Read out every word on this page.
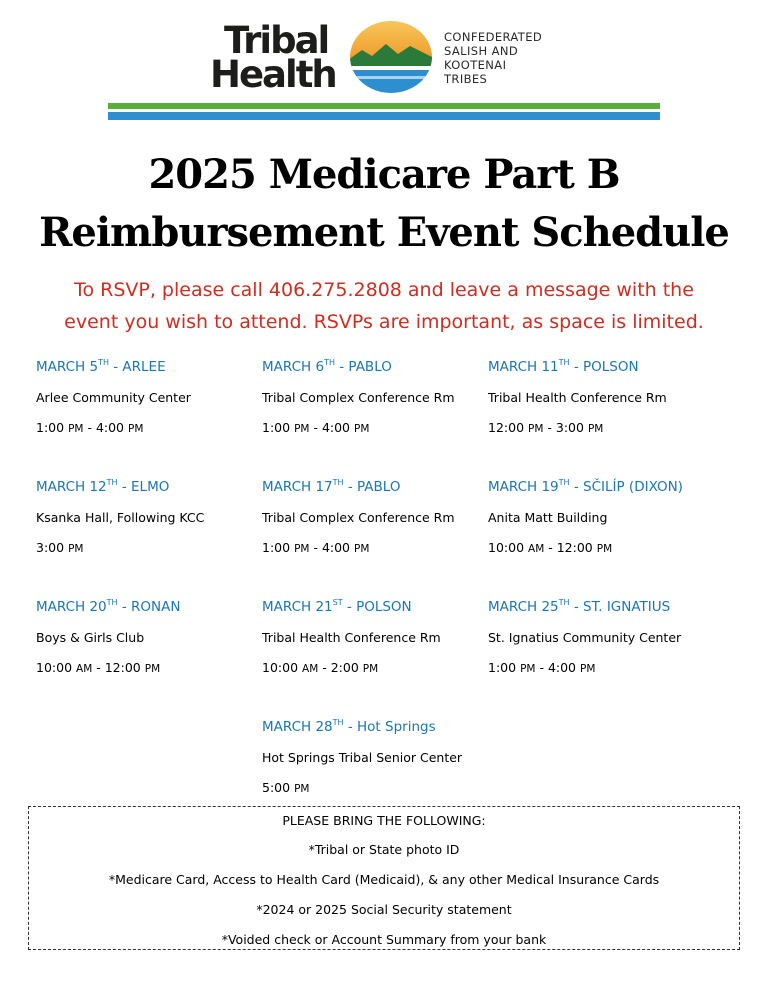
Tribal
Health
CONFEDERATED
SALISH AND
KOOTENAI
TRIBES
2025 Medicare Part B
Reimbursement Event Schedule
To RSVP, please call 406.275.2808 and leave a message with the
event you wish to attend. RSVPs are important, as space is limited.
MARCH 5TH - ARLEE
Arlee Community Center
1:00 PM - 4:00 PM
MARCH 6TH - PABLO
Tribal Complex Conference Rm
1:00 PM - 4:00 PM
MARCH 11TH - POLSON
Tribal Health Conference Rm
12:00 PM - 3:00 PM
MARCH 12TH - ELMO
Ksanka Hall, Following KCC
3:00 PM
MARCH 17TH - PABLO
Tribal Complex Conference Rm
1:00 PM - 4:00 PM
MARCH 19TH - SČILÍP (DIXON)
Anita Matt Building
10:00 AM - 12:00 PM
MARCH 20TH - RONAN
Boys & Girls Club
10:00 AM - 12:00 PM
MARCH 21ST - POLSON
Tribal Health Conference Rm
10:00 AM - 2:00 PM
MARCH 25TH - ST. IGNATIUS
St. Ignatius Community Center
1:00 PM - 4:00 PM
MARCH 28TH - Hot Springs
Hot Springs Tribal Senior Center
5:00 PM
PLEASE BRING THE FOLLOWING:
*Tribal or State photo ID
*Medicare Card, Access to Health Card (Medicaid), & any other Medical Insurance Cards
*2024 or 2025 Social Security statement
*Voided check or Account Summary from your bank
